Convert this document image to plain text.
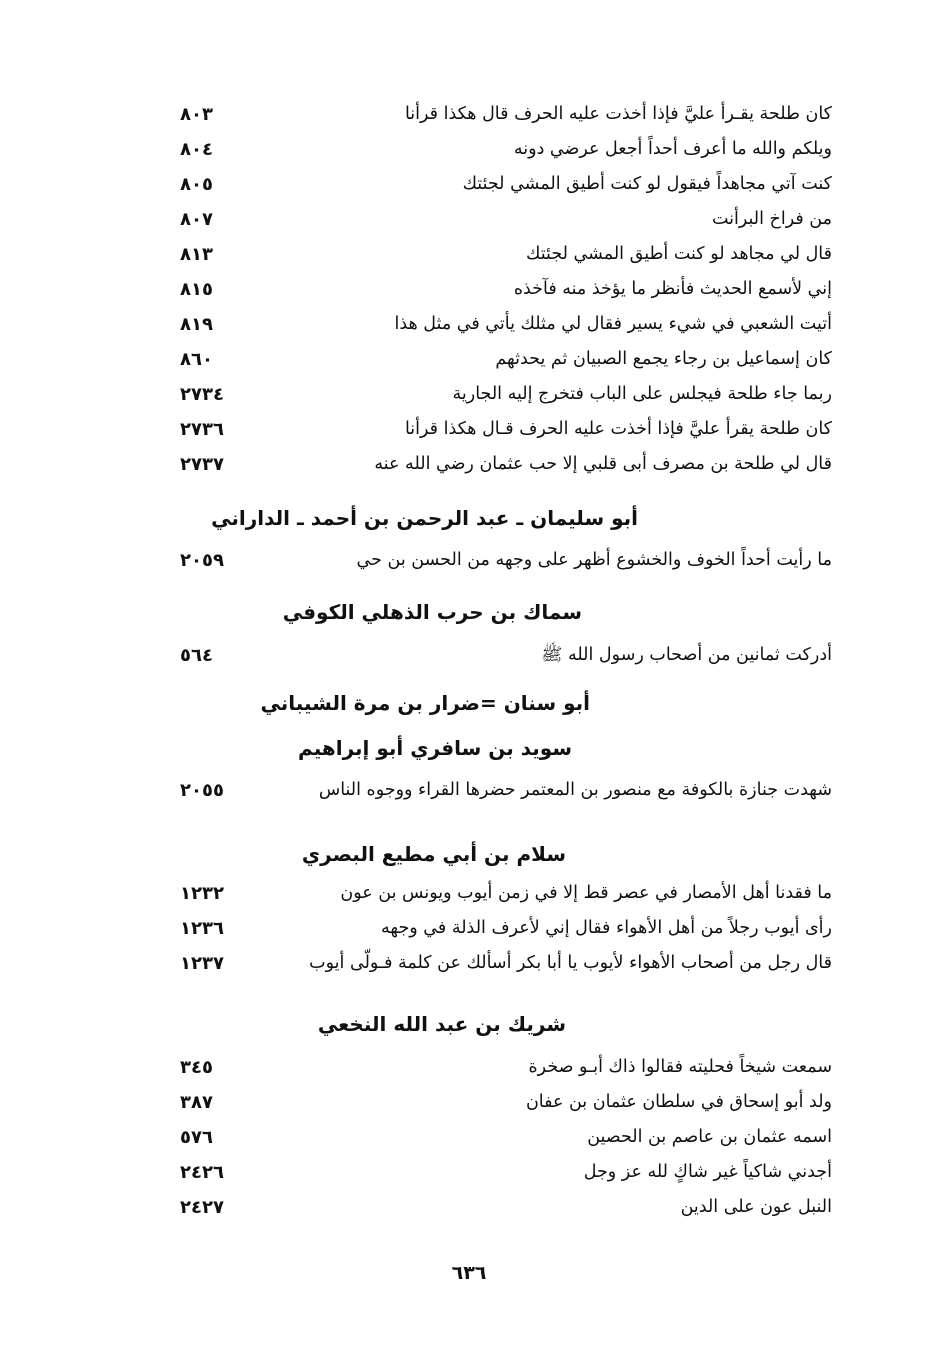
كان طلحة يقـرأ عليَّ فإذا أخذت عليه الحرف قال هكذا قرأنا
٨٠٣
ويلكم والله ما أعرف أحداً أجعل عرضي دونه
٨٠٤
كنت آتي مجاهداً فيقول لو كنت أطيق المشي لجئتك
٨٠٥
من فراخ البرأنت
٨٠٧
قال لي مجاهد لو كنت أطيق المشي لجئتك
٨١٣
إني لأسمع الحديث فأنظر ما يؤخذ منه فآخذه
٨١٥
أتيت الشعبي في شيء يسير فقال لي مثلك يأتي في مثل هذا
٨١٩
كان إسماعيل بن رجاء يجمع الصبيان ثم يحدثهم
٨٦٠
ربما جاء طلحة فيجلس على الباب فتخرج إليه الجارية
٢٧٣٤
كان طلحة يقرأ عليَّ فإذا أخذت عليه الحرف قـال هكذا قرأنا
٢٧٣٦
قال لي طلحة بن مصرف أبى قلبي إلا حب عثمان رضي الله عنه
٢٧٣٧
أبو سليمان ـ عبد الرحمن بن أحمد ـ الداراني
ما رأيت أحداً الخوف والخشوع أظهر على وجهه من الحسن بن حي
٢٠٥٩
سماك بن حرب الذهلي الكوفي
أدركت ثمانين من أصحاب رسول الله ﷺ
٥٦٤
أبو سنان =ضرار بن مرة الشيباني
سويد بن سافري أبو إبراهيم
شهدت جنازة بالكوفة مع منصور بن المعتمر حضرها القراء ووجوه الناس
٢٠٥٥
سلام بن أبي مطيع البصري
ما فقدنا أهل الأمصار في عصر قط إلا في زمن أيوب ويونس بن عون
١٢٣٢
رأى أيوب رجلاً من أهل الأهواء فقال إني لأعرف الذلة في وجهه
١٢٣٦
قال رجل من أصحاب الأهواء لأيوب يا أبا بكر أسألك عن كلمة فـولّى أيوب
١٢٣٧
شريك بن عبد الله النخعي
سمعت شيخاً فحليته فقالوا ذاك أبـو صخرة
٣٤٥
ولد أبو إسحاق في سلطان عثمان بن عفان
٣٨٧
اسمه عثمان بن عاصم بن الحصين
٥٧٦
أجدني شاكياً غير شاكٍ لله عز وجل
٢٤٢٦
النبل عون على الدين
٢٤٢٧
٦٣٦
